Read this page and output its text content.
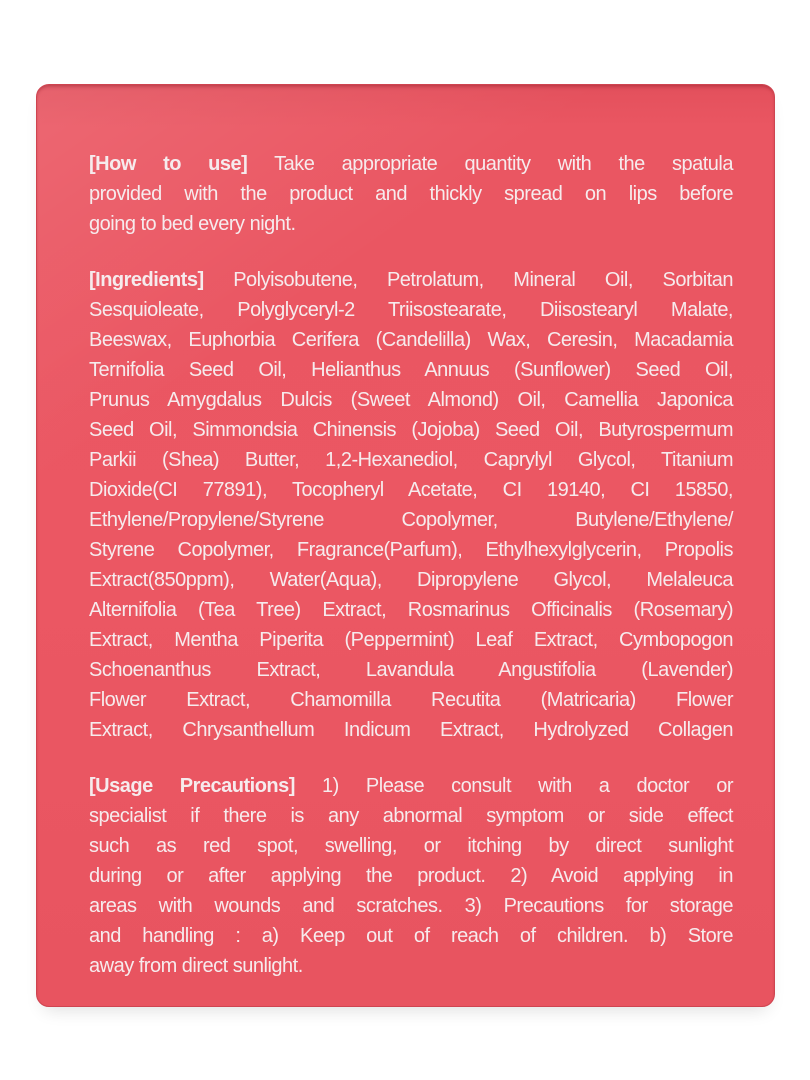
[How to use] Take appropriate quantity with the spatula
provided with the product and thickly spread on lips before
going to bed every night.
[Ingredients] Polyisobutene, Petrolatum, Mineral Oil, Sorbitan
Sesquioleate, Polyglyceryl-2 Triisostearate, Diisostearyl Malate,
Beeswax, Euphorbia Cerifera (Candelilla) Wax, Ceresin, Macadamia
Ternifolia Seed Oil, Helianthus Annuus (Sunflower) Seed Oil,
Prunus Amygdalus Dulcis (Sweet Almond) Oil, Camellia Japonica
Seed Oil, Simmondsia Chinensis (Jojoba) Seed Oil, Butyrospermum
Parkii (Shea) Butter, 1,2-Hexanediol, Caprylyl Glycol, Titanium
Dioxide(CI 77891), Tocopheryl Acetate, CI 19140, CI 15850,
Ethylene/Propylene/Styrene Copolymer, Butylene/Ethylene/
Styrene Copolymer, Fragrance(Parfum), Ethylhexylglycerin, Propolis
Extract(850ppm), Water(Aqua), Dipropylene Glycol, Melaleuca
Alternifolia (Tea Tree) Extract, Rosmarinus Officinalis (Rosemary)
Extract, Mentha Piperita (Peppermint) Leaf Extract, Cymbopogon
Schoenanthus Extract, Lavandula Angustifolia (Lavender)
Flower Extract, Chamomilla Recutita (Matricaria) Flower
Extract, Chrysanthellum Indicum Extract, Hydrolyzed Collagen
[Usage Precautions] 1) Please consult with a doctor or
specialist if there is any abnormal symptom or side effect
such as red spot, swelling, or itching by direct sunlight
during or after applying the product. 2) Avoid applying in
areas with wounds and scratches. 3) Precautions for storage
and handling : a) Keep out of reach of children. b) Store
away from direct sunlight.
